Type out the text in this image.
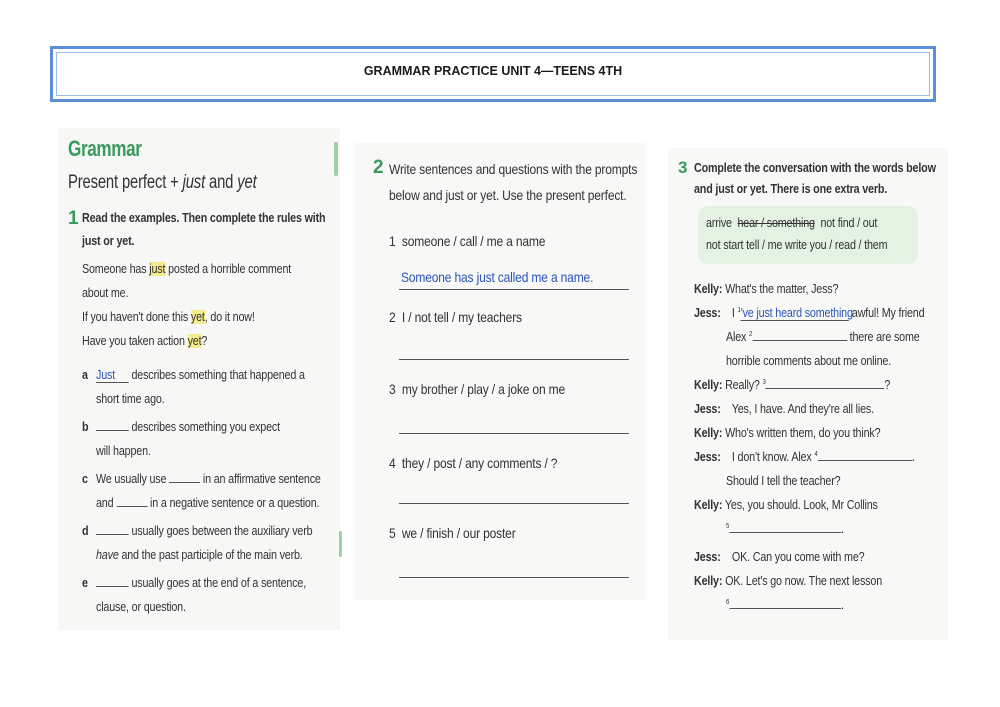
GRAMMAR PRACTICE UNIT 4—TEENS 4TH
Grammar
Present perfect + just and yet
1 Read the examples. Then complete the rules with
just or yet.
Someone has just posted a horrible comment
about me.
If you haven't done this yet, do it now!
Have you taken action yet?
a Just describes something that happened a
short time ago.
b	describes something you expect
will happen.
c We usually use  in an affirmative sentence
and  in a negative sentence or a question.
d	usually goes between the auxiliary verb
have and the past participle of the main verb.
e	usually goes at the end of a sentence,
clause, or question.
2 Write sentences and questions with the prompts
below and just or yet. Use the present perfect.
1 someone / call / me a name
Someone has just called me a name.
2 I / not tell / my teachers
3 my brother / play / a joke on me
4 they / post / any comments / ?
5 we / finish / our poster
3 Complete the conversation with the words below
and just or yet. There is one extra verb.
arrive hear / something not find / out
not start tell / me write you / read / them
Kelly: What's the matter, Jess?
Jess: I $^1$'ve just heard something awful! My friend
Alex $^2$	there are some
horrible comments about me online.
Kelly: Really? $^3$	?
Jess: Yes, I have. And they're all lies.
Kelly: Who's written them, do you think?
Jess: I don't know. Alex $^4$	.
Should I tell the teacher?
Kelly: Yes, you should. Look, Mr Collins
$^5$	.
Jess: OK. Can you come with me?
Kelly: OK. Let's go now. The next lesson
$^6$	.
